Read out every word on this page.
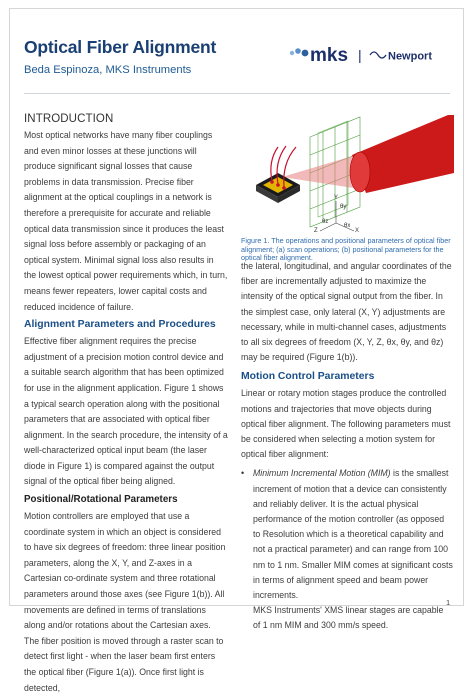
Optical Fiber Alignment
Beda Espinoza, MKS Instruments
mks | Newport
INTRODUCTION

Most optical networks have many fiber couplings and even minor losses at these junctions will produce significant signal losses that cause problems in data transmission. Precise fiber alignment at the optical couplings in a network is therefore a prerequisite for accurate and reliable optical data transmission since it produces the least signal loss before assembly or packaging of an optical system. Minimal signal loss also results in the lowest optical power requirements which, in turn, means fewer repeaters, lower capital costs and reduced incidence of failure.

Alignment Parameters and Procedures

Effective fiber alignment requires the precise adjustment of a precision motion control device and a suitable search algorithm that has been optimized for use in the alignment application. Figure 1 shows a typical search operation along with the positional parameters that are associated with optical fiber alignment. In the search procedure, the intensity of a well-characterized optical input beam (the laser diode in Figure 1) is compared against the output signal of the optical fiber being aligned.

Positional/Rotational Parameters

Motion controllers are employed that use a coordinate system in which an object is considered to have six degrees of freedom: three linear position parameters, along the X, Y, and Z-axes in a Cartesian co-ordinate system and three rotational parameters around those axes (see Figure 1(b)). All movements are defined in terms of translations along and/or rotations about the Cartesian axes. The fiber position is moved through a raster scan to detect first light - when the laser beam first enters the optical fiber (Figure 1(a)). Once first light is detected,

Y
X
Z
θy
θx
θz

Figure 1. The operations and positional parameters of optical fiber alignment; (a) scan operations; (b) positional parameters for the optical fiber alignment.

the lateral, longitudinal, and angular coordinates of the fiber are incrementally adjusted to maximize the intensity of the optical signal output from the fiber. In the simplest case, only lateral (X, Y) adjustments are necessary, while in multi-channel cases, adjustments to all six degrees of freedom (X, Y, Z, θx, θy, and θz) may be required (Figure 1(b)).

Motion Control Parameters

Linear or rotary motion stages produce the controlled motions and trajectories that move objects during optical fiber alignment. The following parameters must be considered when selecting a motion system for optical fiber alignment:

•	Minimum Incremental Motion (MIM) is the smallest increment of motion that a device can consistently and reliably deliver. It is the actual physical performance of the motion controller (as opposed to Resolution which is a theoretical capability and not a practical parameter) and can range from 100 nm to 1 nm. Smaller MIM comes at significant costs in terms of alignment speed and beam power increments.

MKS Instruments' XMS linear stages are capable of 1 nm MIM and 300 mm/s speed.

1
